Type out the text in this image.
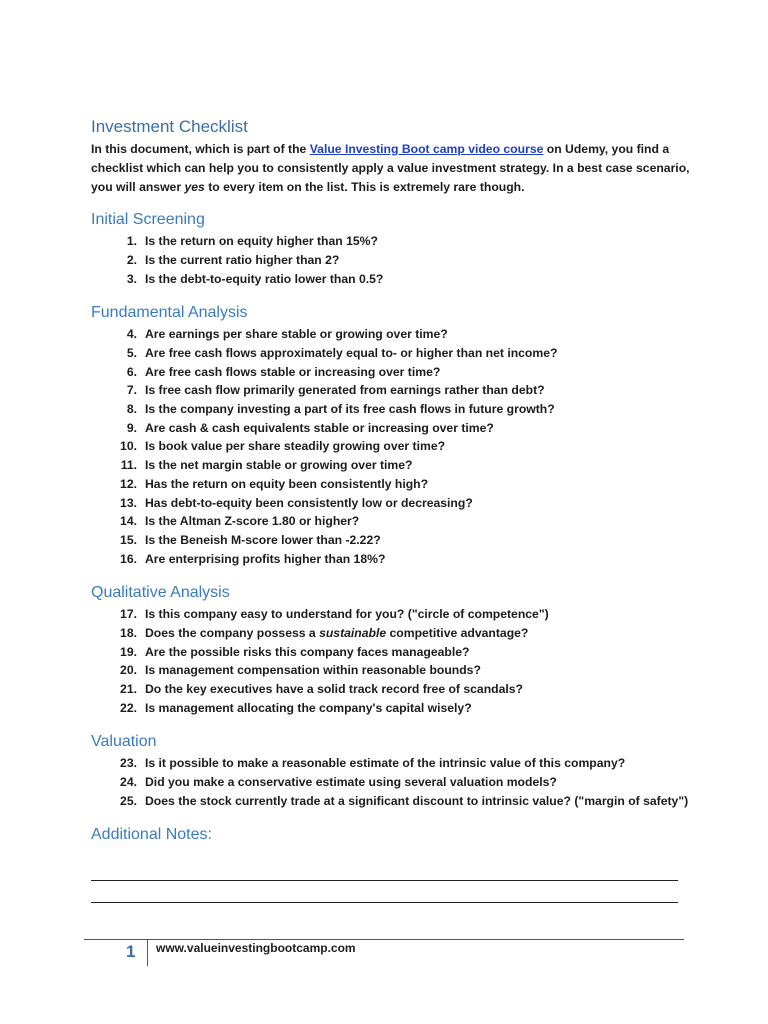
Investment Checklist
In this document, which is part of the Value Investing Boot camp video course on Udemy, you find a checklist which can help you to consistently apply a value investment strategy. In a best case scenario, you will answer yes to every item on the list. This is extremely rare though.
Initial Screening
1. Is the return on equity higher than 15%?
2. Is the current ratio higher than 2?
3. Is the debt-to-equity ratio lower than 0.5?
Fundamental Analysis
4. Are earnings per share stable or growing over time?
5. Are free cash flows approximately equal to- or higher than net income?
6. Are free cash flows stable or increasing over time?
7. Is free cash flow primarily generated from earnings rather than debt?
8. Is the company investing a part of its free cash flows in future growth?
9. Are cash & cash equivalents stable or increasing over time?
10. Is book value per share steadily growing over time?
11. Is the net margin stable or growing over time?
12. Has the return on equity been consistently high?
13. Has debt-to-equity been consistently low or decreasing?
14. Is the Altman Z-score 1.80 or higher?
15. Is the Beneish M-score lower than -2.22?
16. Are enterprising profits higher than 18%?
Qualitative Analysis
17. Is this company easy to understand for you? ("circle of competence")
18. Does the company possess a sustainable competitive advantage?
19. Are the possible risks this company faces manageable?
20. Is management compensation within reasonable bounds?
21. Do the key executives have a solid track record free of scandals?
22. Is management allocating the company's capital wisely?
Valuation
23. Is it possible to make a reasonable estimate of the intrinsic value of this company?
24. Did you make a conservative estimate using several valuation models?
25. Does the stock currently trade at a significant discount to intrinsic value? ("margin of safety")
Additional Notes:
1 www.valueinvestingbootcamp.com
